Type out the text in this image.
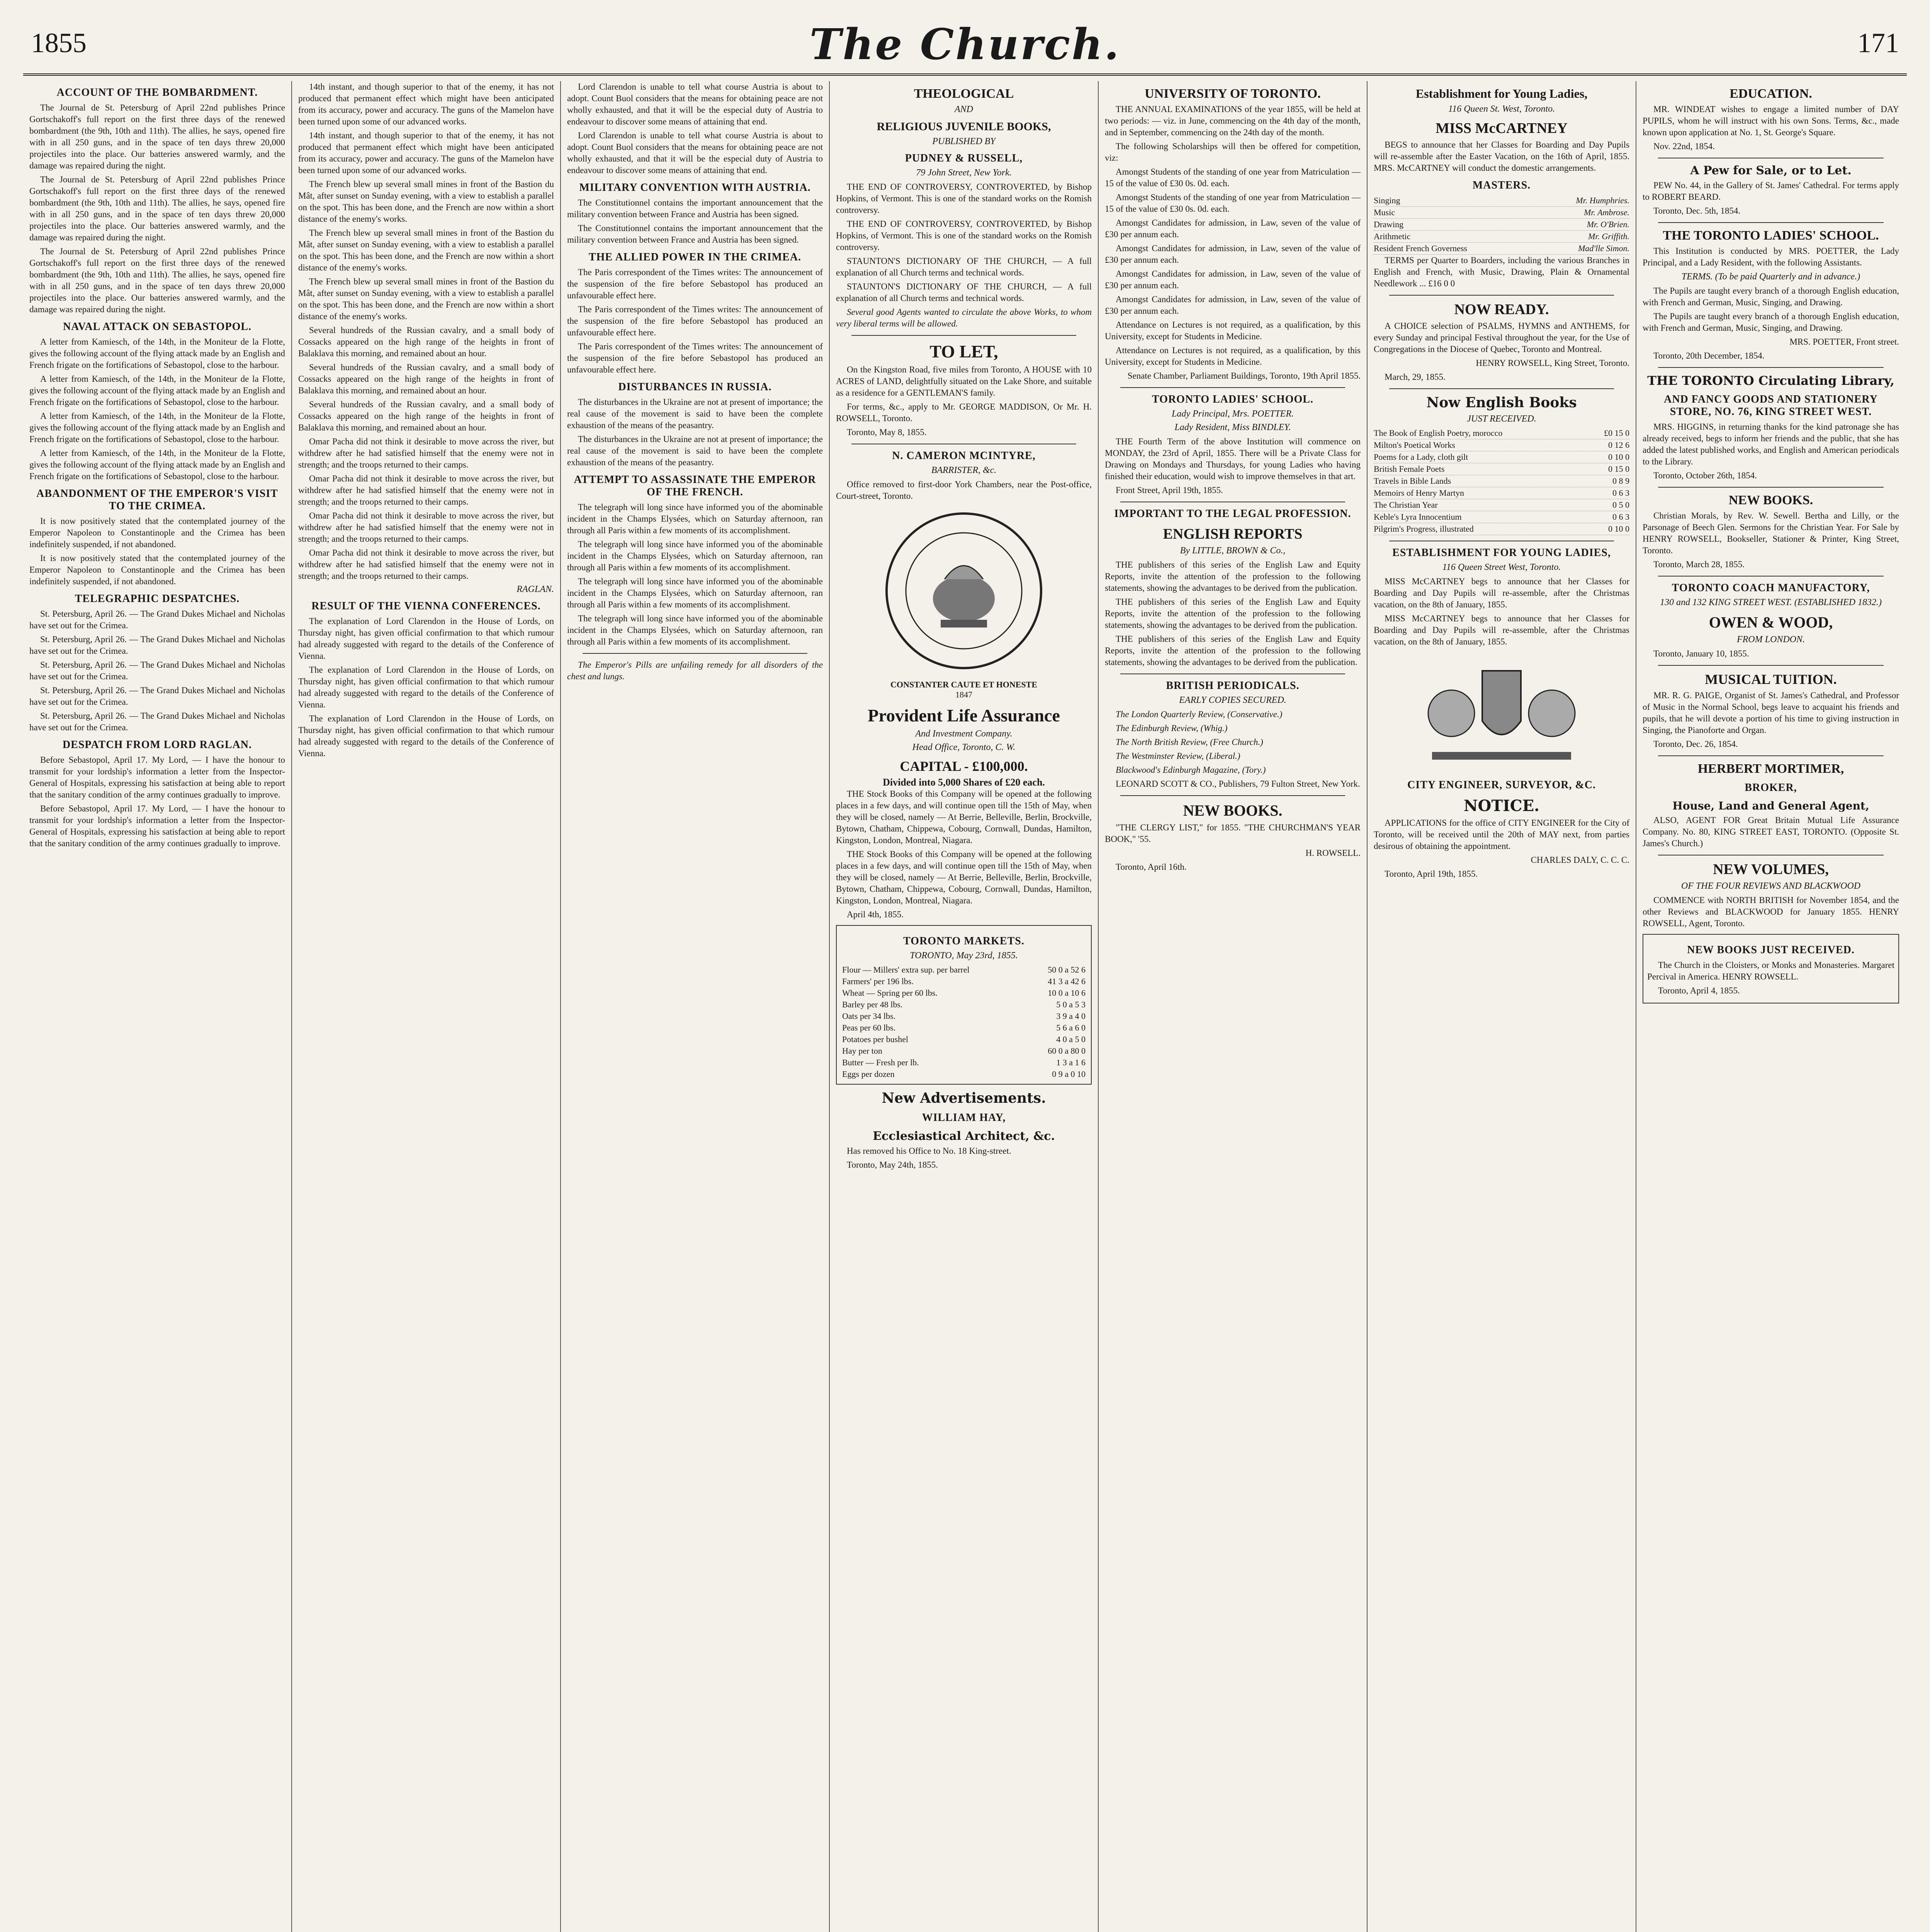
1855	The Church.	171
ACCOUNT OF THE BOMBARDMENT.

The Journal de St. Petersburg of April 22nd publishes Prince Gortschakoff's full report on the first three days of the renewed bombardment (the 9th, 10th and 11th). The allies, he says, opened fire with in all 250 guns, and in the space of ten days threw 20,000 projectiles into the place. Our batteries answered warmly, and the damage was repaired during the night.

The Journal de St. Petersburg of April 22nd publishes Prince Gortschakoff's full report on the first three days of the renewed bombardment (the 9th, 10th and 11th). The allies, he says, opened fire with in all 250 guns, and in the space of ten days threw 20,000 projectiles into the place. Our batteries answered warmly, and the damage was repaired during the night.

The Journal de St. Petersburg of April 22nd publishes Prince Gortschakoff's full report on the first three days of the renewed bombardment (the 9th, 10th and 11th). The allies, he says, opened fire with in all 250 guns, and in the space of ten days threw 20,000 projectiles into the place. Our batteries answered warmly, and the damage was repaired during the night.

NAVAL ATTACK ON SEBASTOPOL.

A letter from Kamiesch, of the 14th, in the Moniteur de la Flotte, gives the following account of the flying attack made by an English and French frigate on the fortifications of Sebastopol, close to the harbour.

A letter from Kamiesch, of the 14th, in the Moniteur de la Flotte, gives the following account of the flying attack made by an English and French frigate on the fortifications of Sebastopol, close to the harbour.

A letter from Kamiesch, of the 14th, in the Moniteur de la Flotte, gives the following account of the flying attack made by an English and French frigate on the fortifications of Sebastopol, close to the harbour.

A letter from Kamiesch, of the 14th, in the Moniteur de la Flotte, gives the following account of the flying attack made by an English and French frigate on the fortifications of Sebastopol, close to the harbour.

ABANDONMENT OF THE EMPEROR'S VISIT TO THE CRIMEA.

It is now positively stated that the contemplated journey of the Emperor Napoleon to Constantinople and the Crimea has been indefinitely suspended, if not abandoned.

It is now positively stated that the contemplated journey of the Emperor Napoleon to Constantinople and the Crimea has been indefinitely suspended, if not abandoned.

TELEGRAPHIC DESPATCHES.

St. Petersburg, April 26. — The Grand Dukes Michael and Nicholas have set out for the Crimea.

St. Petersburg, April 26. — The Grand Dukes Michael and Nicholas have set out for the Crimea.

St. Petersburg, April 26. — The Grand Dukes Michael and Nicholas have set out for the Crimea.

St. Petersburg, April 26. — The Grand Dukes Michael and Nicholas have set out for the Crimea.

St. Petersburg, April 26. — The Grand Dukes Michael and Nicholas have set out for the Crimea.

DESPATCH FROM LORD RAGLAN.

Before Sebastopol, April 17. My Lord, — I have the honour to transmit for your lordship's information a letter from the Inspector-General of Hospitals, expressing his satisfaction at being able to report that the sanitary condition of the army continues gradually to improve.

Before Sebastopol, April 17. My Lord, — I have the honour to transmit for your lordship's information a letter from the Inspector-General of Hospitals, expressing his satisfaction at being able to report that the sanitary condition of the army continues gradually to improve.

14th instant, and though superior to that of the enemy, it has not produced that permanent effect which might have been anticipated from its accuracy, power and accuracy. The guns of the Mamelon have been turned upon some of our advanced works.

14th instant, and though superior to that of the enemy, it has not produced that permanent effect which might have been anticipated from its accuracy, power and accuracy. The guns of the Mamelon have been turned upon some of our advanced works.

The French blew up several small mines in front of the Bastion du Mât, after sunset on Sunday evening, with a view to establish a parallel on the spot. This has been done, and the French are now within a short distance of the enemy's works.

The French blew up several small mines in front of the Bastion du Mât, after sunset on Sunday evening, with a view to establish a parallel on the spot. This has been done, and the French are now within a short distance of the enemy's works.

The French blew up several small mines in front of the Bastion du Mât, after sunset on Sunday evening, with a view to establish a parallel on the spot. This has been done, and the French are now within a short distance of the enemy's works.

Several hundreds of the Russian cavalry, and a small body of Cossacks appeared on the high range of the heights in front of Balaklava this morning, and remained about an hour.

Several hundreds of the Russian cavalry, and a small body of Cossacks appeared on the high range of the heights in front of Balaklava this morning, and remained about an hour.

Several hundreds of the Russian cavalry, and a small body of Cossacks appeared on the high range of the heights in front of Balaklava this morning, and remained about an hour.

Omar Pacha did not think it desirable to move across the river, but withdrew after he had satisfied himself that the enemy were not in strength; and the troops returned to their camps.

Omar Pacha did not think it desirable to move across the river, but withdrew after he had satisfied himself that the enemy were not in strength; and the troops returned to their camps.

Omar Pacha did not think it desirable to move across the river, but withdrew after he had satisfied himself that the enemy were not in strength; and the troops returned to their camps.

Omar Pacha did not think it desirable to move across the river, but withdrew after he had satisfied himself that the enemy were not in strength; and the troops returned to their camps.

RAGLAN.
RESULT OF THE VIENNA CONFERENCES.

The explanation of Lord Clarendon in the House of Lords, on Thursday night, has given official confirmation to that which rumour had already suggested with regard to the details of the Conference of Vienna.

The explanation of Lord Clarendon in the House of Lords, on Thursday night, has given official confirmation to that which rumour had already suggested with regard to the details of the Conference of Vienna.

The explanation of Lord Clarendon in the House of Lords, on Thursday night, has given official confirmation to that which rumour had already suggested with regard to the details of the Conference of Vienna.

Lord Clarendon is unable to tell what course Austria is about to adopt. Count Buol considers that the means for obtaining peace are not wholly exhausted, and that it will be the especial duty of Austria to endeavour to discover some means of attaining that end.

Lord Clarendon is unable to tell what course Austria is about to adopt. Count Buol considers that the means for obtaining peace are not wholly exhausted, and that it will be the especial duty of Austria to endeavour to discover some means of attaining that end.

MILITARY CONVENTION WITH AUSTRIA.

The Constitutionnel contains the important announcement that the military convention between France and Austria has been signed.

The Constitutionnel contains the important announcement that the military convention between France and Austria has been signed.

THE ALLIED POWER IN THE CRIMEA.

The Paris correspondent of the Times writes: The announcement of the suspension of the fire before Sebastopol has produced an unfavourable effect here.

The Paris correspondent of the Times writes: The announcement of the suspension of the fire before Sebastopol has produced an unfavourable effect here.

The Paris correspondent of the Times writes: The announcement of the suspension of the fire before Sebastopol has produced an unfavourable effect here.

DISTURBANCES IN RUSSIA.

The disturbances in the Ukraine are not at present of importance; the real cause of the movement is said to have been the complete exhaustion of the means of the peasantry.

The disturbances in the Ukraine are not at present of importance; the real cause of the movement is said to have been the complete exhaustion of the means of the peasantry.

ATTEMPT TO ASSASSINATE THE EMPEROR OF THE FRENCH.

The telegraph will long since have informed you of the abominable incident in the Champs Elysées, which on Saturday afternoon, ran through all Paris within a few moments of its accomplishment.

The telegraph will long since have informed you of the abominable incident in the Champs Elysées, which on Saturday afternoon, ran through all Paris within a few moments of its accomplishment.

The telegraph will long since have informed you of the abominable incident in the Champs Elysées, which on Saturday afternoon, ran through all Paris within a few moments of its accomplishment.

The telegraph will long since have informed you of the abominable incident in the Champs Elysées, which on Saturday afternoon, ran through all Paris within a few moments of its accomplishment.

The Emperor's Pills are unfailing remedy for all disorders of the chest and lungs.

THEOLOGICAL
AND
RELIGIOUS JUVENILE BOOKS,
PUBLISHED BY
PUDNEY & RUSSELL,
79 John Street, New York.

THE END OF CONTROVERSY, CONTROVERTED, by Bishop Hopkins, of Vermont. This is one of the standard works on the Romish controversy.

THE END OF CONTROVERSY, CONTROVERTED, by Bishop Hopkins, of Vermont. This is one of the standard works on the Romish controversy.

STAUNTON'S DICTIONARY OF THE CHURCH, — A full explanation of all Church terms and technical words.

STAUNTON'S DICTIONARY OF THE CHURCH, — A full explanation of all Church terms and technical words.

Several good Agents wanted to circulate the above Works, to whom very liberal terms will be allowed.

TO LET,

On the Kingston Road, five miles from Toronto, A HOUSE with 10 ACRES of LAND, delightfully situated on the Lake Shore, and suitable as a residence for a GENTLEMAN'S family.

For terms, &c., apply to Mr. GEORGE MADDISON, Or Mr. H. ROWSELL, Toronto.

Toronto, May 8, 1855.

N. CAMERON MCINTYRE,
BARRISTER, &c.

Office removed to first-door York Chambers, near the Post-office, Court-street, Toronto.

CONSTANTER CAUTE ET HONESTE
1847
Provident Life Assurance
And Investment Company.
Head Office, Toronto, C. W.
CAPITAL - £100,000.
Divided into 5,000 Shares of £20 each.

THE Stock Books of this Company will be opened at the following places in a few days, and will continue open till the 15th of May, when they will be closed, namely — At Berrie, Belleville, Berlin, Brockville, Bytown, Chatham, Chippewa, Cobourg, Cornwall, Dundas, Hamilton, Kingston, London, Montreal, Niagara.

THE Stock Books of this Company will be opened at the following places in a few days, and will continue open till the 15th of May, when they will be closed, namely — At Berrie, Belleville, Berlin, Brockville, Bytown, Chatham, Chippewa, Cobourg, Cornwall, Dundas, Hamilton, Kingston, London, Montreal, Niagara.

April 4th, 1855.

TORONTO MARKETS.
TORONTO, May 23rd, 1855.
Flour — Millers' extra sup. per barrel	50 0 a 52 6
Farmers' per 196 lbs.	41 3 a 42 6
Wheat — Spring per 60 lbs.	10 0 a 10 6
Barley per 48 lbs.	5 0 a 5 3
Oats per 34 lbs.	3 9 a 4 0
Peas per 60 lbs.	5 6 a 6 0
Potatoes per bushel	4 0 a 5 0
Hay per ton	60 0 a 80 0
Butter — Fresh per lb.	1 3 a 1 6
Eggs per dozen	0 9 a 0 10
New Advertisements.
WILLIAM HAY,
Ecclesiastical Architect, &c.

Has removed his Office to No. 18 King-street.

Toronto, May 24th, 1855.

UNIVERSITY OF TORONTO.

THE ANNUAL EXAMINATIONS of the year 1855, will be held at two periods: — viz. in June, commencing on the 4th day of the month, and in September, commencing on the 24th day of the month.

The following Scholarships will then be offered for competition, viz:

Amongst Students of the standing of one year from Matriculation — 15 of the value of £30 0s. 0d. each.

Amongst Students of the standing of one year from Matriculation — 15 of the value of £30 0s. 0d. each.

Amongst Candidates for admission, in Law, seven of the value of £30 per annum each.

Amongst Candidates for admission, in Law, seven of the value of £30 per annum each.

Amongst Candidates for admission, in Law, seven of the value of £30 per annum each.

Amongst Candidates for admission, in Law, seven of the value of £30 per annum each.

Attendance on Lectures is not required, as a qualification, by this University, except for Students in Medicine.

Attendance on Lectures is not required, as a qualification, by this University, except for Students in Medicine.

Senate Chamber, Parliament Buildings, Toronto, 19th April 1855.

TORONTO LADIES' SCHOOL.
Lady Principal, Mrs. POETTER.
Lady Resident, Miss BINDLEY.

THE Fourth Term of the above Institution will commence on MONDAY, the 23rd of April, 1855. There will be a Private Class for Drawing on Mondays and Thursdays, for young Ladies who having finished their education, would wish to improve themselves in that art.

Front Street, April 19th, 1855.

IMPORTANT TO THE LEGAL PROFESSION.
ENGLISH REPORTS
By LITTLE, BROWN & Co.,

THE publishers of this series of the English Law and Equity Reports, invite the attention of the profession to the following statements, showing the advantages to be derived from the publication.

THE publishers of this series of the English Law and Equity Reports, invite the attention of the profession to the following statements, showing the advantages to be derived from the publication.

THE publishers of this series of the English Law and Equity Reports, invite the attention of the profession to the following statements, showing the advantages to be derived from the publication.

BRITISH PERIODICALS.
EARLY COPIES SECURED.

The London Quarterly Review, (Conservative.)

The Edinburgh Review, (Whig.)

The North British Review, (Free Church.)

The Westminster Review, (Liberal.)

Blackwood's Edinburgh Magazine, (Tory.)

LEONARD SCOTT & CO., Publishers, 79 Fulton Street, New York.

NEW BOOKS.

"THE CLERGY LIST," for 1855. "THE CHURCHMAN'S YEAR BOOK," '55.

H. ROWSELL.

Toronto, April 16th.

Establishment for Young Ladies,
116 Queen St. West, Toronto.
MISS McCARTNEY

BEGS to announce that her Classes for Boarding and Day Pupils will re-assemble after the Easter Vacation, on the 16th of April, 1855. MRS. McCARTNEY will conduct the domestic arrangements.

MASTERS.
Singing	Mr. Humphries.
Music	Mr. Ambrose.
Drawing	Mr. O'Brien.
Arithmetic	Mr. Griffith.
Resident French Governess	Mad'lle Simon.

TERMS per Quarter to Boarders, including the various Branches in English and French, with Music, Drawing, Plain & Ornamental Needlework ... £16 0 0

NOW READY.

A CHOICE selection of PSALMS, HYMNS and ANTHEMS, for every Sunday and principal Festival throughout the year, for the Use of Congregations in the Diocese of Quebec, Toronto and Montreal.

HENRY ROWSELL, King Street, Toronto.

March, 29, 1855.

Now English Books
JUST RECEIVED.
The Book of English Poetry, morocco	£0 15 0
Milton's Poetical Works	0 12 6
Poems for a Lady, cloth gilt	0 10 0
British Female Poets	0 15 0
Travels in Bible Lands	0 8 9
Memoirs of Henry Martyn	0 6 3
The Christian Year	0 5 0
Keble's Lyra Innocentium	0 6 3
Pilgrim's Progress, illustrated	0 10 0
ESTABLISHMENT FOR YOUNG LADIES,
116 Queen Street West, Toronto.

MISS McCARTNEY begs to announce that her Classes for Boarding and Day Pupils will re-assemble, after the Christmas vacation, on the 8th of January, 1855.

MISS McCARTNEY begs to announce that her Classes for Boarding and Day Pupils will re-assemble, after the Christmas vacation, on the 8th of January, 1855.

CITY ENGINEER, SURVEYOR, &C.
NOTICE.

APPLICATIONS for the office of CITY ENGINEER for the City of Toronto, will be received until the 20th of MAY next, from parties desirous of obtaining the appointment.

CHARLES DALY, C. C. C.

Toronto, April 19th, 1855.

EDUCATION.

MR. WINDEAT wishes to engage a limited number of DAY PUPILS, whom he will instruct with his own Sons. Terms, &c., made known upon application at No. 1, St. George's Square.

Nov. 22nd, 1854.

A Pew for Sale, or to Let.

PEW No. 44, in the Gallery of St. James' Cathedral. For terms apply to ROBERT BEARD.

Toronto, Dec. 5th, 1854.

THE TORONTO LADIES' SCHOOL.

This Institution is conducted by MRS. POETTER, the Lady Principal, and a Lady Resident, with the following Assistants.

TERMS. (To be paid Quarterly and in advance.)

The Pupils are taught every branch of a thorough English education, with French and German, Music, Singing, and Drawing.

The Pupils are taught every branch of a thorough English education, with French and German, Music, Singing, and Drawing.

MRS. POETTER, Front street.

Toronto, 20th December, 1854.

THE TORONTO Circulating Library,
AND FANCY GOODS AND STATIONERY STORE, NO. 76, KING STREET WEST.

MRS. HIGGINS, in returning thanks for the kind patronage she has already received, begs to inform her friends and the public, that she has added the latest published works, and English and American periodicals to the Library.

Toronto, October 26th, 1854.

NEW BOOKS.

Christian Morals, by Rev. W. Sewell. Bertha and Lilly, or the Parsonage of Beech Glen. Sermons for the Christian Year. For Sale by HENRY ROWSELL, Bookseller, Stationer & Printer, King Street, Toronto.

Toronto, March 28, 1855.

TORONTO COACH MANUFACTORY,
130 and 132 KING STREET WEST. (ESTABLISHED 1832.)
OWEN & WOOD,
FROM LONDON.

Toronto, January 10, 1855.

MUSICAL TUITION.

MR. R. G. PAIGE, Organist of St. James's Cathedral, and Professor of Music in the Normal School, begs leave to acquaint his friends and pupils, that he will devote a portion of his time to giving instruction in Singing, the Pianoforte and Organ.

Toronto, Dec. 26, 1854.

HERBERT MORTIMER,
BROKER,
House, Land and General Agent,

ALSO, AGENT FOR Great Britain Mutual Life Assurance Company. No. 80, KING STREET EAST, TORONTO. (Opposite St. James's Church.)

NEW VOLUMES,
OF THE FOUR REVIEWS AND BLACKWOOD

COMMENCE with NORTH BRITISH for November 1854, and the other Reviews and BLACKWOOD for January 1855. HENRY ROWSELL, Agent, Toronto.

NEW BOOKS JUST RECEIVED.

The Church in the Cloisters, or Monks and Monasteries. Margaret Percival in America. HENRY ROWSELL.

Toronto, April 4, 1855.
